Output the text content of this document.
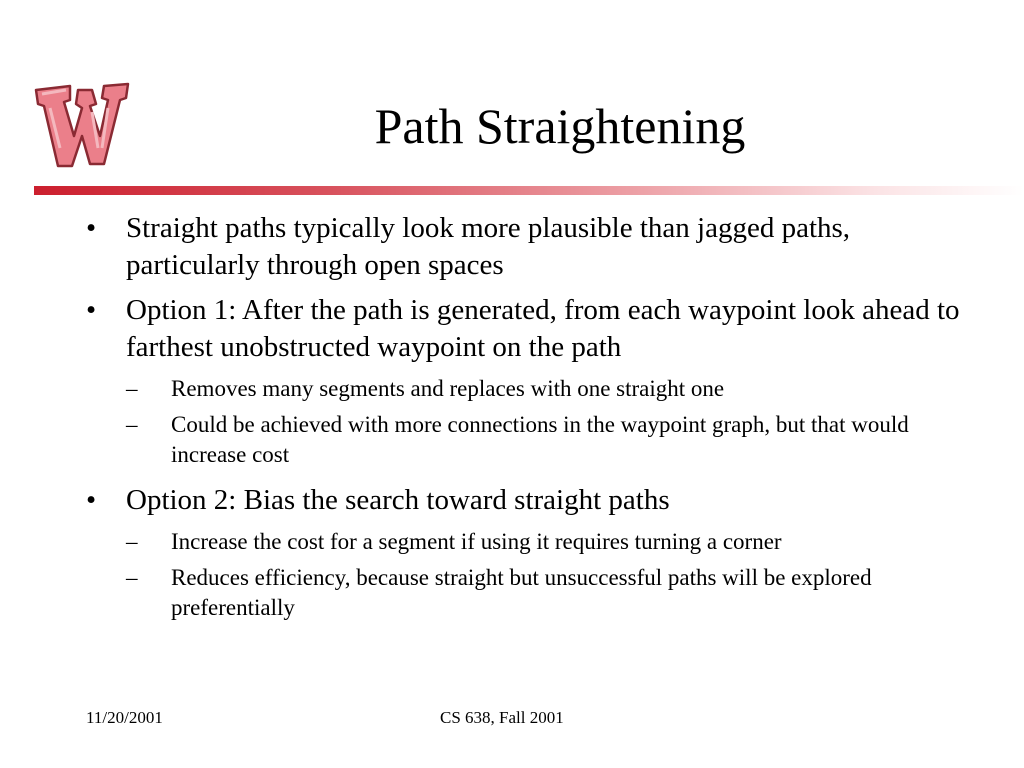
Path Straightening
• Straight paths typically look more plausible than jagged paths, particularly through open spaces
• Option 1: After the path is generated, from each waypoint look ahead to farthest unobstructed waypoint on the path
– Removes many segments and replaces with one straight one
– Could be achieved with more connections in the waypoint graph, but that would increase cost
• Option 2: Bias the search toward straight paths
– Increase the cost for a segment if using it requires turning a corner
– Reduces efficiency, because straight but unsuccessful paths will be explored preferentially
11/20/2001	CS 638, Fall 2001
